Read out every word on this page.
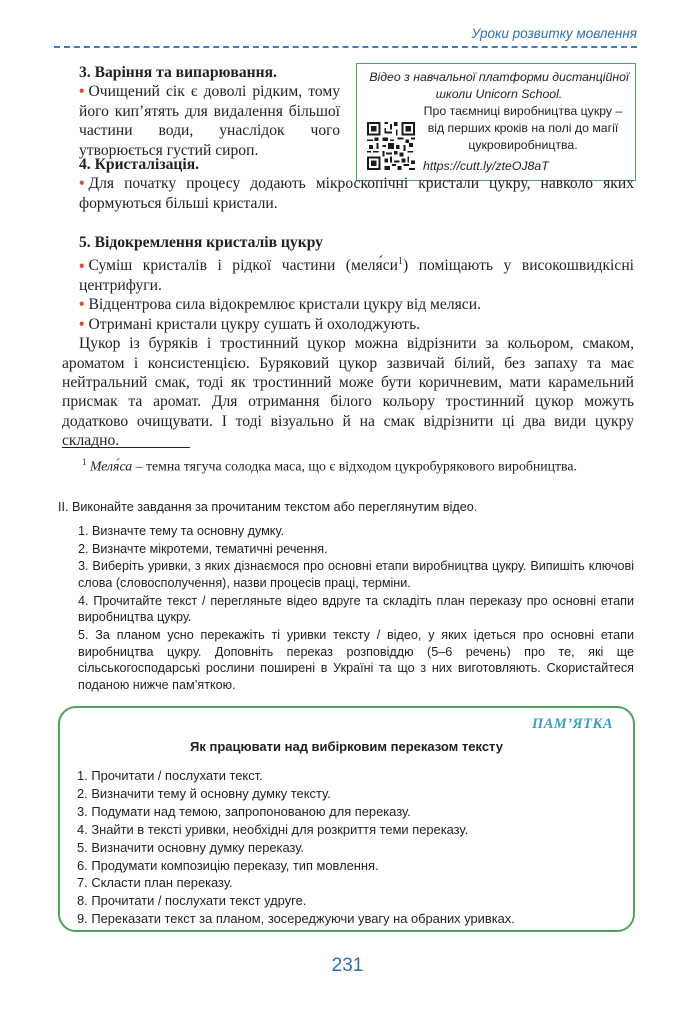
Уроки розвитку мовлення
Відео з навчальної платформи дистанційної школи Unicorn School.
Про таємниці виробництва цукру – від перших кроків на полі до магії цукровиробництва.
https://cutt.ly/zteOJ8aT

3. Варіння та випарювання.

• Очищений сік є доволі рідким, тому його кип’ятять для видалення більшої частини води, унаслідок чого утворюється густий сироп.

4. Кристалізація.

• Для початку процесу додають мікроскопічні кристали цукру, навколо яких формуються більші кристали.

5. Відокремлення кристалів цукру

• Суміш кристалів і рідкої частини $(меля́си^1)$ поміщають у високошвидкісні центрифуги.

• Відцентрова сила відокремлює кристали цукру від меляси.

• Отримані кристали цукру сушать й охолоджують.

Цукор із буряків і тростинний цукор можна відрізнити за кольором, смаком, ароматом і консистенцією. Буряковий цукор зазвичай білий, без запаху та має нейтральний смак, тоді як тростинний може бути коричневим, мати карамельний присмак та аромат. Для отримання білого кольору тростинний цукор можуть додатково очищувати. І тоді візуально й на смак відрізнити ці два види цукру складно.

$^1$ Меля́са – темна тягуча солодка маса, що є відходом цукробурякового виробництва.

II. Виконайте завдання за прочитаним текстом або переглянутим відео.

1. Визначте тему та основну думку.

2. Визначте мікротеми, тематичні речення.

3. Виберіть уривки, з яких дізнаємося про основні етапи виробництва цукру. Випишіть ключові слова (словосполучення), назви процесів праці, терміни.

4. Прочитайте текст / перегляньте відео вдруге та складіть план переказу про основні етапи виробництва цукру.

5. За планом усно перекажіть ті уривки тексту / відео, у яких ідеться про основні етапи виробництва цукру. Доповніть переказ розповіддю (5–6 речень) про те, які ще сільськогосподарські рослини поширені в Україні та що з них виготовляють. Скористайтеся поданою нижче пам’яткою.

ПАМ’ЯТКА
Як працювати над вибірковим переказом тексту
1. Прочитати / послухати текст.
2. Визначити тему й основну думку тексту.
3. Подумати над темою, запропонованою для переказу.
4. Знайти в тексті уривки, необхідні для розкриття теми переказу.
5. Визначити основну думку переказу.
6. Продумати композицію переказу, тип мовлення.
7. Скласти план переказу.
8. Прочитати / послухати текст удруге.
9. Переказати текст за планом, зосереджуючи увагу на обраних уривках.
231
